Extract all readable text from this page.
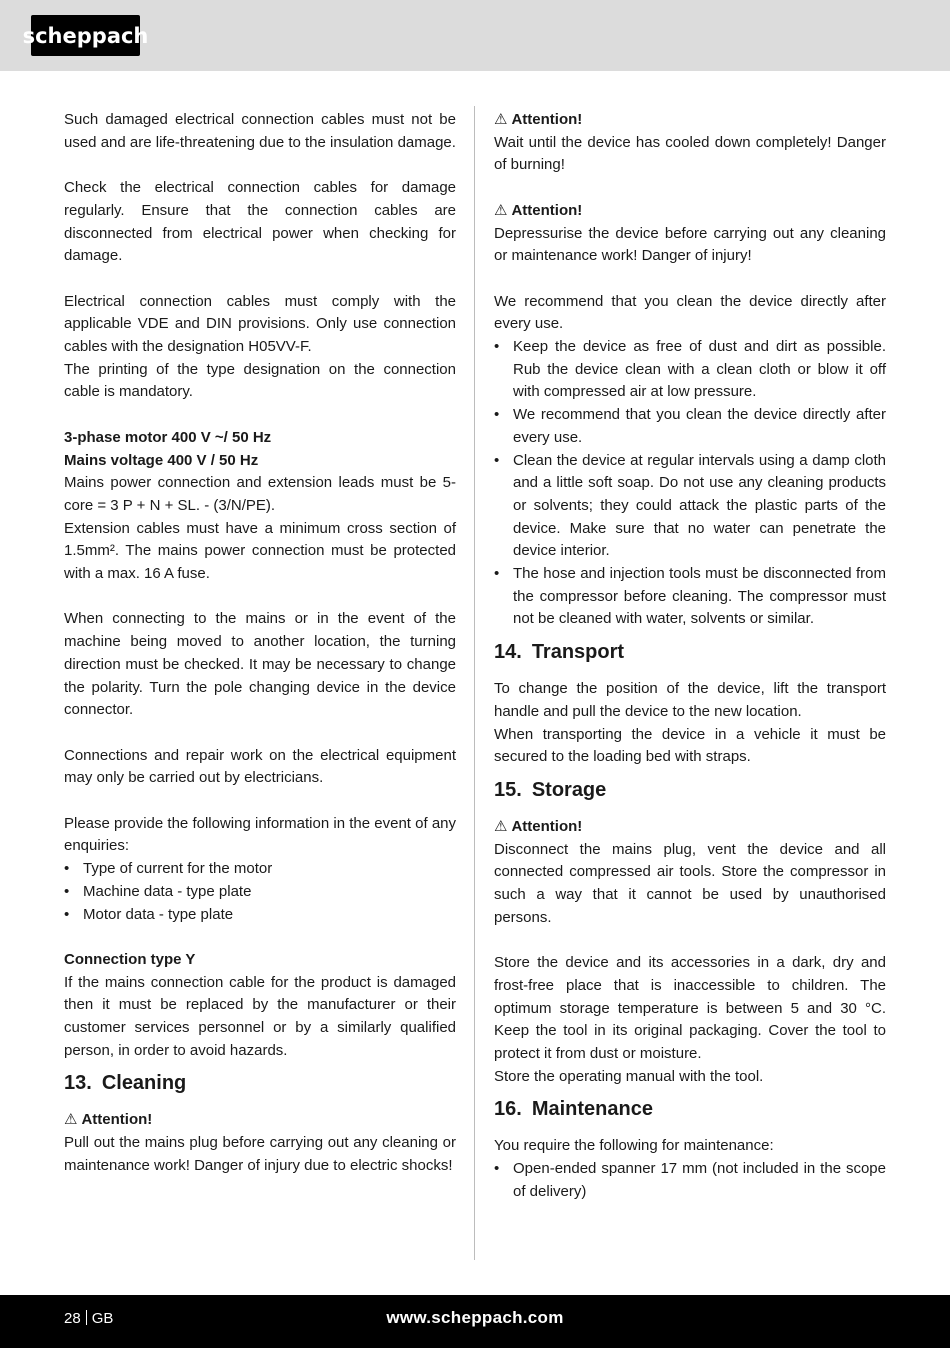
scheppach

Such damaged electrical connection cables must not be used and are life-threatening due to the insulation damage.

Check the electrical connection cables for damage regularly. Ensure that the connection cables are disconnected from electrical power when checking for damage.

Electrical connection cables must comply with the applicable VDE and DIN provisions. Only use connection cables with the designation H05VV-F.

The printing of the type designation on the connection cable is mandatory.

3-phase motor 400 V ~/ 50 Hz

Mains voltage 400 V / 50 Hz

Mains power connection and extension leads must be 5-core = 3 P + N + SL. - (3/N/PE).

Extension cables must have a minimum cross section of 1.5mm². The mains power connection must be protected with a max. 16 A fuse.

When connecting to the mains or in the event of the machine being moved to another location, the turning direction must be checked. It may be necessary to change the polarity. Turn the pole changing device in the device connector.

Connections and repair work on the electrical equipment may only be carried out by electricians.

Please provide the following information in the event of any enquiries:

• Type of current for the motor
• Machine data - type plate
• Motor data - type plate

Connection type Y

If the mains connection cable for the product is damaged then it must be replaced by the manufacturer or their customer services personnel or by a similarly qualified person, in order to avoid hazards.

13. Cleaning

⚠ Attention!

Pull out the mains plug before carrying out any cleaning or maintenance work! Danger of injury due to electric shocks!

⚠ Attention!

Wait until the device has cooled down completely! Danger of burning!

⚠ Attention!

Depressurise the device before carrying out any cleaning or maintenance work! Danger of injury!

We recommend that you clean the device directly after every use.

• Keep the device as free of dust and dirt as possible. Rub the device clean with a clean cloth or blow it off with compressed air at low pressure.
• We recommend that you clean the device directly after every use.
• Clean the device at regular intervals using a damp cloth and a little soft soap. Do not use any cleaning products or solvents; they could attack the plastic parts of the device. Make sure that no water can penetrate the device interior.
• The hose and injection tools must be disconnected from the compressor before cleaning. The compressor must not be cleaned with water, solvents or similar.
14. Transport

To change the position of the device, lift the transport handle and pull the device to the new location.

When transporting the device in a vehicle it must be secured to the loading bed with straps.

15. Storage

⚠ Attention!

Disconnect the mains plug, vent the device and all connected compressed air tools. Store the compressor in such a way that it cannot be used by unauthorised persons.

Store the device and its accessories in a dark, dry and frost-free place that is inaccessible to children. The optimum storage temperature is between 5 and 30 °C. Keep the tool in its original packaging. Cover the tool to protect it from dust or moisture.

Store the operating manual with the tool.

16. Maintenance

You require the following for maintenance:

• Open-ended spanner 17 mm (not included in the scope of delivery)
28 GB	www.scheppach.com
